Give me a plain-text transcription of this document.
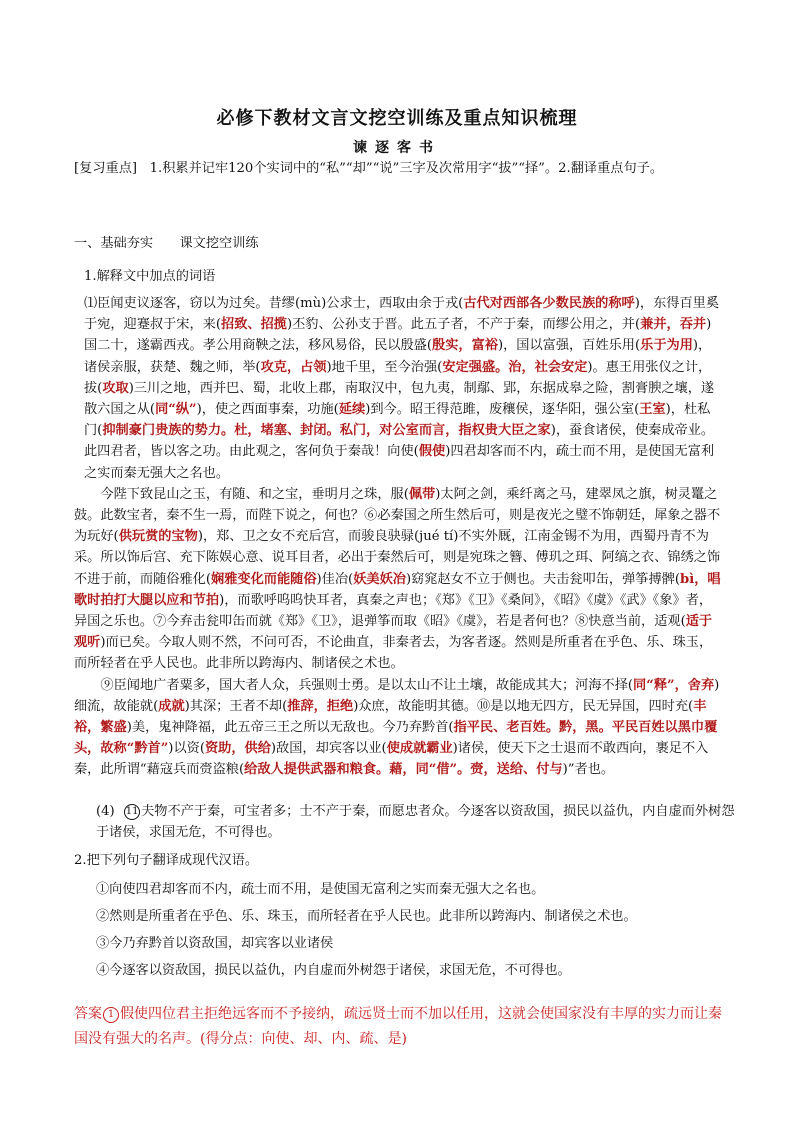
必修下教材文言文挖空训练及重点知识梳理
谏逐客书
[复习重点] 1.积累并记牢120个实词中的“私”“却”“说”三字及次常用字“拔”“择”。2.翻译重点句子。
一、基础夯实　　课文挖空训练
1.解释文中加点的词语

⑴臣闻吏议逐客，窃以为过矣。昔缪(mù)公求士，西取由余于戎(古代对西部各少数民族的称呼)，东得百里奚于宛，迎蹇叔于宋，来(招致、招揽)丕豹、公孙支于晋。此五子者，不产于秦，而缪公用之，并(兼并，吞并)国二十，遂霸西戎。孝公用商鞅之法，移风易俗，民以殷盛(殷实，富裕)，国以富强，百姓乐用(乐于为用)，诸侯亲服，获楚、魏之师，举(攻克，占领)地千里，至今治强(安定强盛。治，社会安定)。惠王用张仪之计，拔(攻取)三川之地，西并巴、蜀，北收上郡，南取汉中，包九夷，制鄢、郢，东据成皋之险，割膏腴之壤，遂散六国之从(同“纵”)，使之西面事秦，功施(延续)到今。昭王得范雎，废穰侯，逐华阳，强公室(王室)，杜私门(抑制豪门贵族的势力。杜，堵塞、封闭。私门，对公室而言，指权贵大臣之家)，蚕食诸侯，使秦成帝业。此四君者，皆以客之功。由此观之，客何负于秦哉！向使(假使)四君却客而不内，疏士而不用，是使国无富利之实而秦无强大之名也。

今陛下致昆山之玉，有随、和之宝，垂明月之珠，服(佩带)太阿之剑，乘纤离之马，建翠凤之旗，树灵鼍之鼓。此数宝者，秦不生一焉，而陛下说之，何也？⑥必秦国之所生然后可，则是夜光之璧不饰朝廷，犀象之器不为玩好(供玩赏的宝物)，郑、卫之女不充后宫，而骏良𫘝𫘧(jué tí)不实外厩，江南金锡不为用，西蜀丹青不为采。所以饰后宫、充下陈娱心意、说耳目者，必出于秦然后可，则是宛珠之簪、傅玑之珥、阿缟之衣、锦绣之饰不进于前，而随俗雅化(娴雅变化而能随俗)佳冶(妖美妖冶)窈窕赵女不立于侧也。夫击瓮叩缶，弹筝搏髀(bì，唱歌时拍打大腿以应和节拍)，而歌呼呜呜快耳者，真秦之声也；《郑》《卫》《桑间》，《昭》《虞》《武》《象》者，异国之乐也。⑦今弃击瓮叩缶而就《郑》《卫》，退弹筝而取《昭》《虞》，若是者何也？⑧快意当前，适观(适于观听)而已矣。今取人则不然，不问可否，不论曲直，非秦者去，为客者逐。然则是所重者在乎色、乐、珠玉，而所轻者在乎人民也。此非所以跨海内、制诸侯之术也。

⑨臣闻地广者粟多，国大者人众，兵强则士勇。是以太山不让土壤，故能成其大；河海不择(同“释”，舍弃)细流，故能就(成就)其深；王者不却(推辞，拒绝)众庶，故能明其德。⑩是以地无四方，民无异国，四时充(丰裕，繁盛)美，鬼神降福，此五帝三王之所以无敌也。今乃弃黔首(指平民、老百姓。黔，黑。平民百姓以黑巾覆头，故称“黔首”)以资(资助，供给)敌国，却宾客以业(使成就霸业)诸侯，使天下之士退而不敢西向，裹足不入秦，此所谓“藉寇兵而赍盗粮(给敌人提供武器和粮食。藉，同“借”。赍，送给、付与)”者也。

(4) 11 夫物不产于秦，可宝者多；士不产于秦，而愿忠者众。今逐客以资敌国，损民以益仇，内自虚而外树怨于诸侯，求国无危，不可得也。
2.把下列句子翻译成现代汉语。

①向使四君却客而不内，疏士而不用，是使国无富利之实而秦无强大之名也。

②然则是所重者在乎色、乐、珠玉，而所轻者在乎人民也。此非所以跨海内、制诸侯之术也。

③今乃弃黔首以资敌国，却宾客以业诸侯

④今逐客以资敌国，损民以益仇，内自虚而外树怨于诸侯，求国无危，不可得也。

答案 1 假使四位君主拒绝远客而不予接纳，疏远贤士而不加以任用，这就会使国家没有丰厚的实力而让秦国没有强大的名声。(得分点：向使、却、内、疏、是)
